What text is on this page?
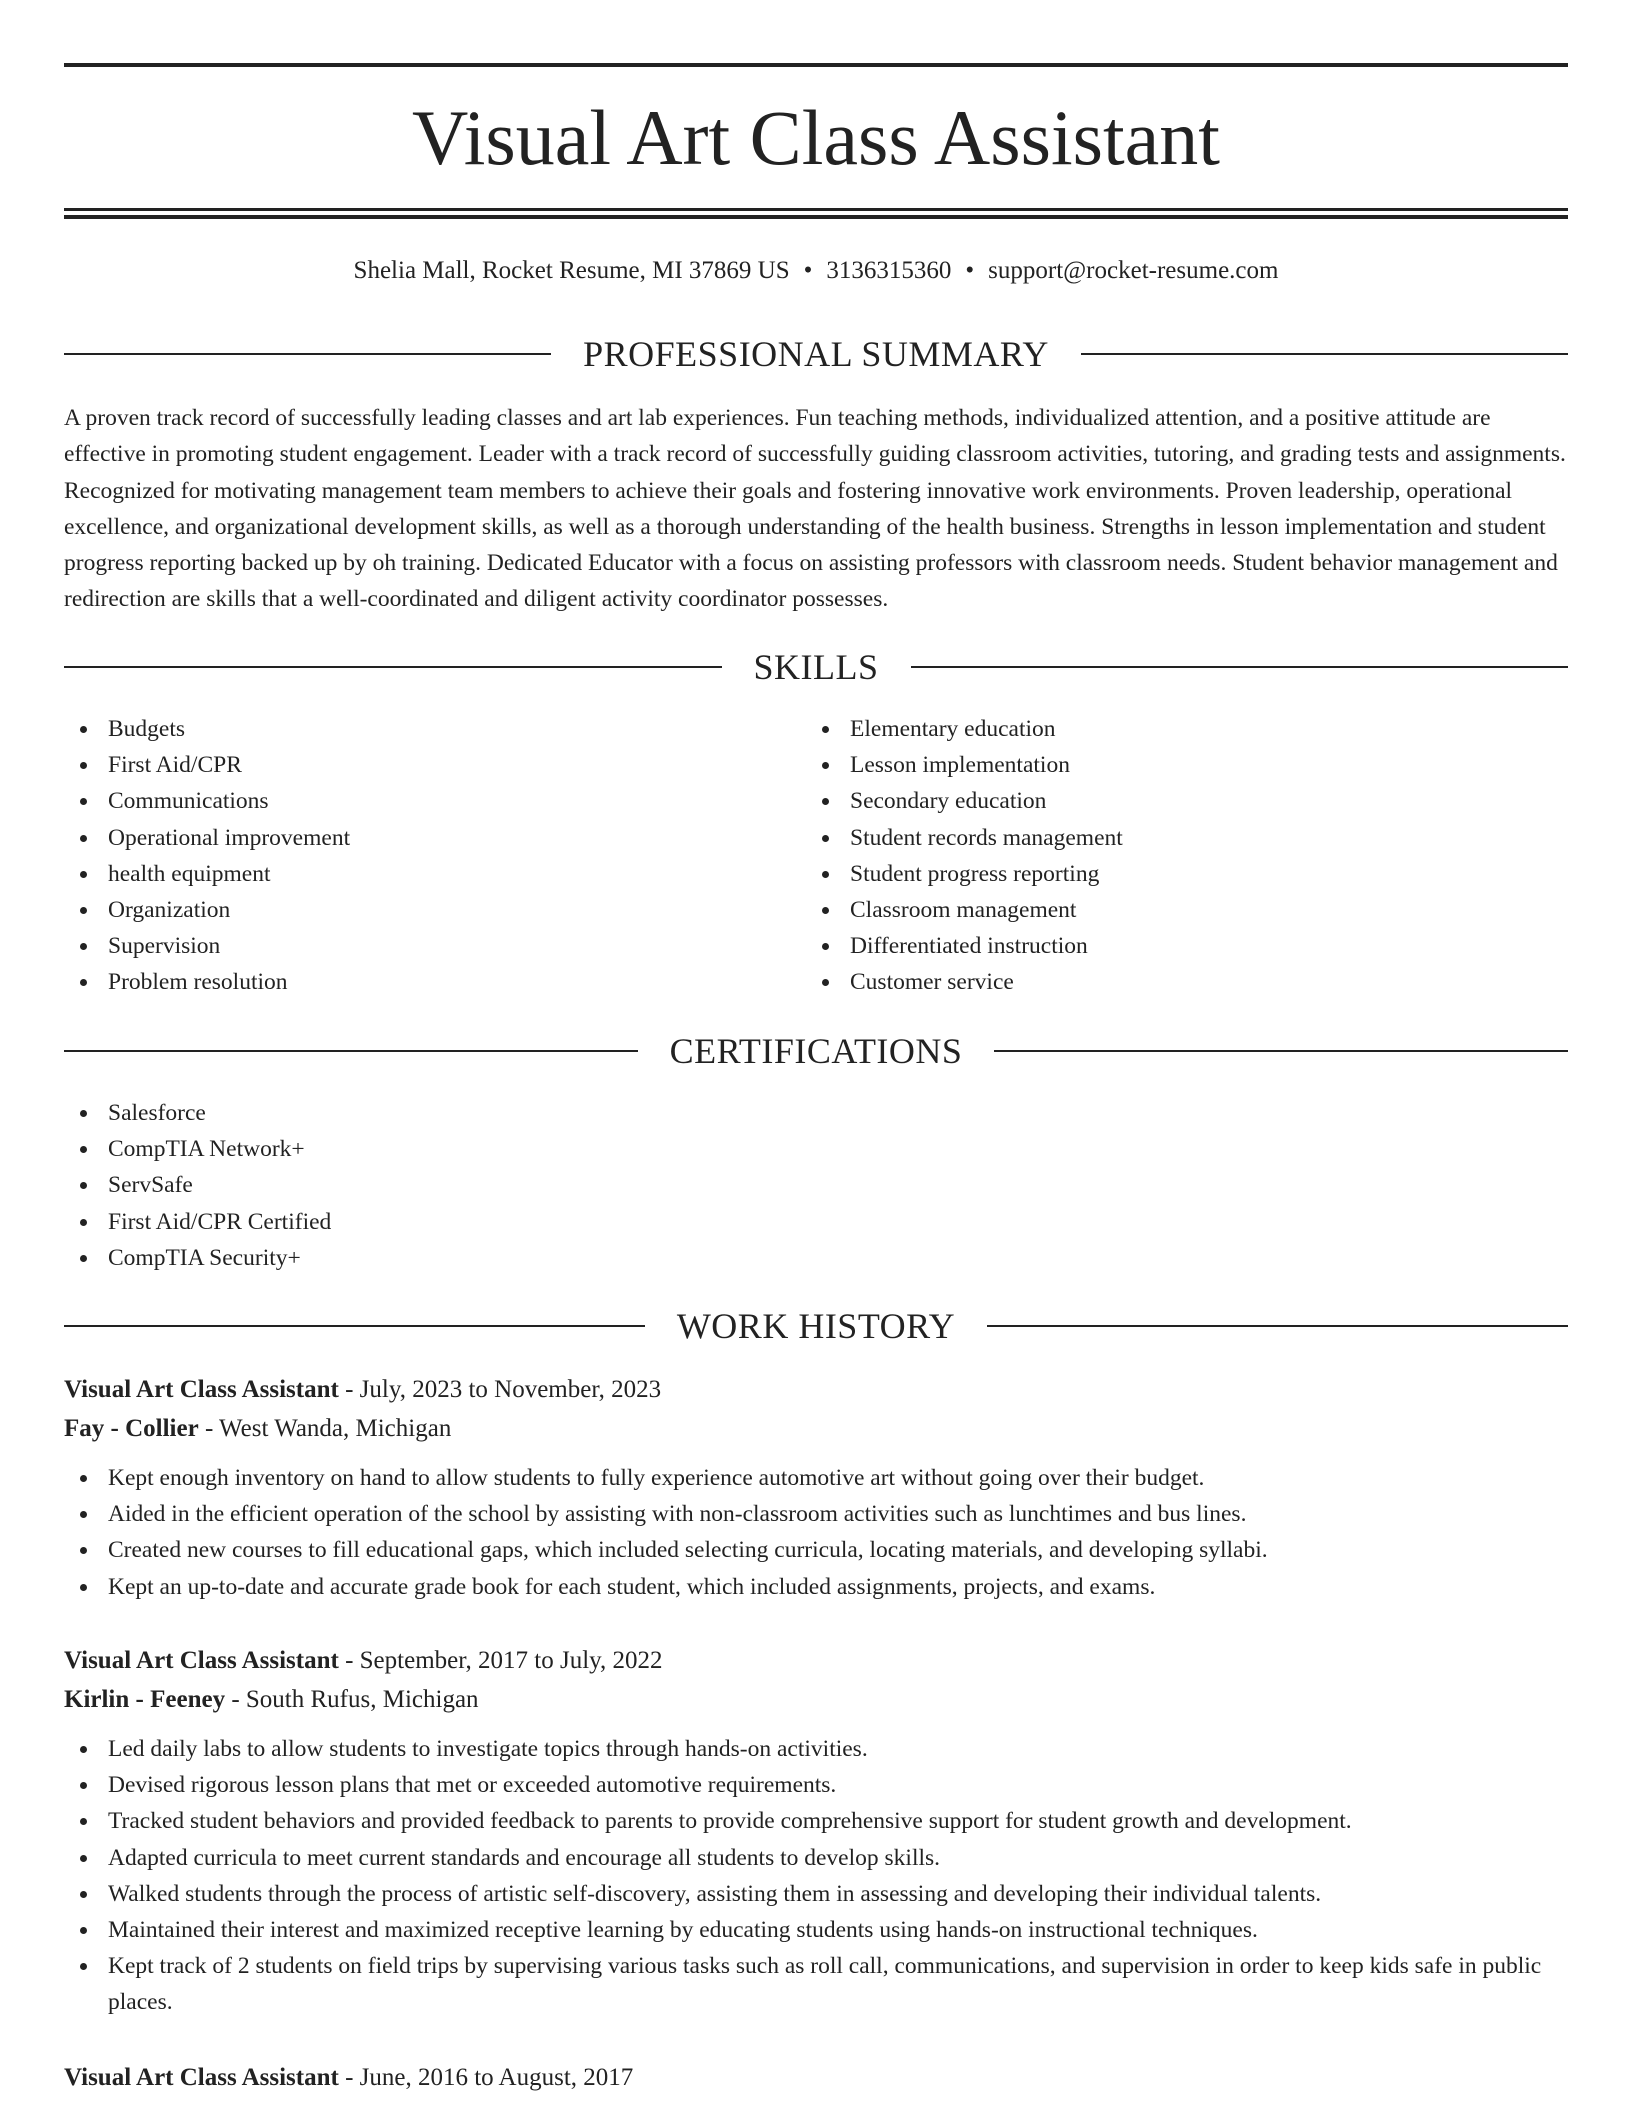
Visual Art Class Assistant
Shelia Mall, Rocket Resume, MI 37869 US • 3136315360 • support@rocket-resume.com
PROFESSIONAL SUMMARY

A proven track record of successfully leading classes and art lab experiences. Fun teaching methods, individualized attention, and a positive attitude are effective in promoting student engagement. Leader with a track record of successfully guiding classroom activities, tutoring, and grading tests and assignments. Recognized for motivating management team members to achieve their goals and fostering innovative work environments. Proven leadership, operational excellence, and organizational development skills, as well as a thorough understanding of the health business. Strengths in lesson implementation and student progress reporting backed up by oh training. Dedicated Educator with a focus on assisting professors with classroom needs. Student behavior management and redirection are skills that a well-coordinated and diligent activity coordinator possesses.

SKILLS
Budgets
First Aid/CPR
Communications
Operational improvement
health equipment
Organization
Supervision
Problem resolution
Elementary education
Lesson implementation
Secondary education
Student records management
Student progress reporting
Classroom management
Differentiated instruction
Customer service
CERTIFICATIONS
Salesforce
CompTIA Network+
ServSafe
First Aid/CPR Certified
CompTIA Security+
WORK HISTORY

Visual Art Class Assistant - July, 2023 to November, 2023

Fay - Collier - West Wanda, Michigan

Kept enough inventory on hand to allow students to fully experience automotive art without going over their budget.
Aided in the efficient operation of the school by assisting with non-classroom activities such as lunchtimes and bus lines.
Created new courses to fill educational gaps, which included selecting curricula, locating materials, and developing syllabi.
Kept an up-to-date and accurate grade book for each student, which included assignments, projects, and exams.

Visual Art Class Assistant - September, 2017 to July, 2022

Kirlin - Feeney - South Rufus, Michigan

Led daily labs to allow students to investigate topics through hands-on activities.
Devised rigorous lesson plans that met or exceeded automotive requirements.
Tracked student behaviors and provided feedback to parents to provide comprehensive support for student growth and development.
Adapted curricula to meet current standards and encourage all students to develop skills.
Walked students through the process of artistic self-discovery, assisting them in assessing and developing their individual talents.
Maintained their interest and maximized receptive learning by educating students using hands-on instructional techniques.
Kept track of 2 students on field trips by supervising various tasks such as roll call, communications, and supervision in order to keep kids safe in public places.

Visual Art Class Assistant - June, 2016 to August, 2017
